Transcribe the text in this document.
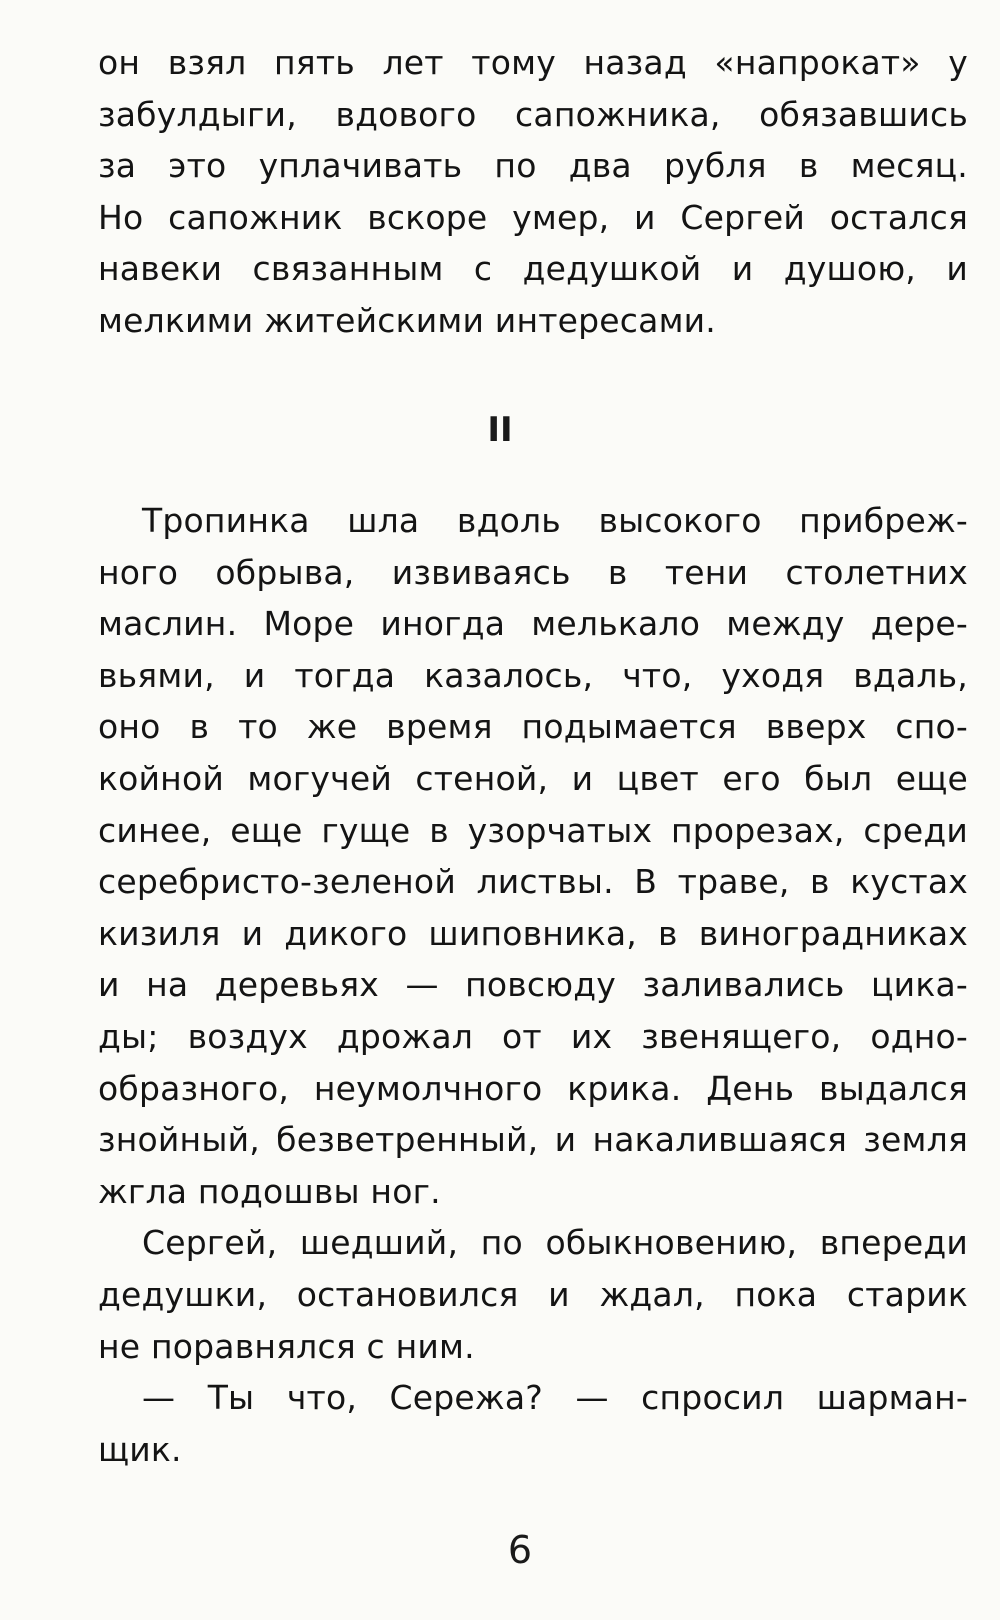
он взял пять лет тому назад «напрокат» у
забулдыги, вдового сапожника, обязавшись
за это уплачивать по два рубля в месяц.
Но сапожник вскоре умер, и Сергей остался
навеки связанным с дедушкой и душою, и
мелкими житейскими интересами.
II
Тропинка шла вдоль высокого прибреж-
ного обрыва, извиваясь в тени столетних
маслин. Море иногда мелькало между дере-
вьями, и тогда казалось, что, уходя вдаль,
оно в то же время подымается вверх спо-
койной могучей стеной, и цвет его был еще
синее, еще гуще в узорчатых прорезах, среди
серебристо-зеленой листвы. В траве, в кустах
кизиля и дикого шиповника, в виноградниках
и на деревьях — повсюду заливались цика-
ды; воздух дрожал от их звенящего, одно-
образного, неумолчного крика. День выдался
знойный, безветренный, и накалившаяся земля
жгла подошвы ног.
Сергей, шедший, по обыкновению, впереди
дедушки, остановился и ждал, пока старик
не поравнялся с ним.
— Ты что, Сережа? — спросил шарман-
щик.
6
